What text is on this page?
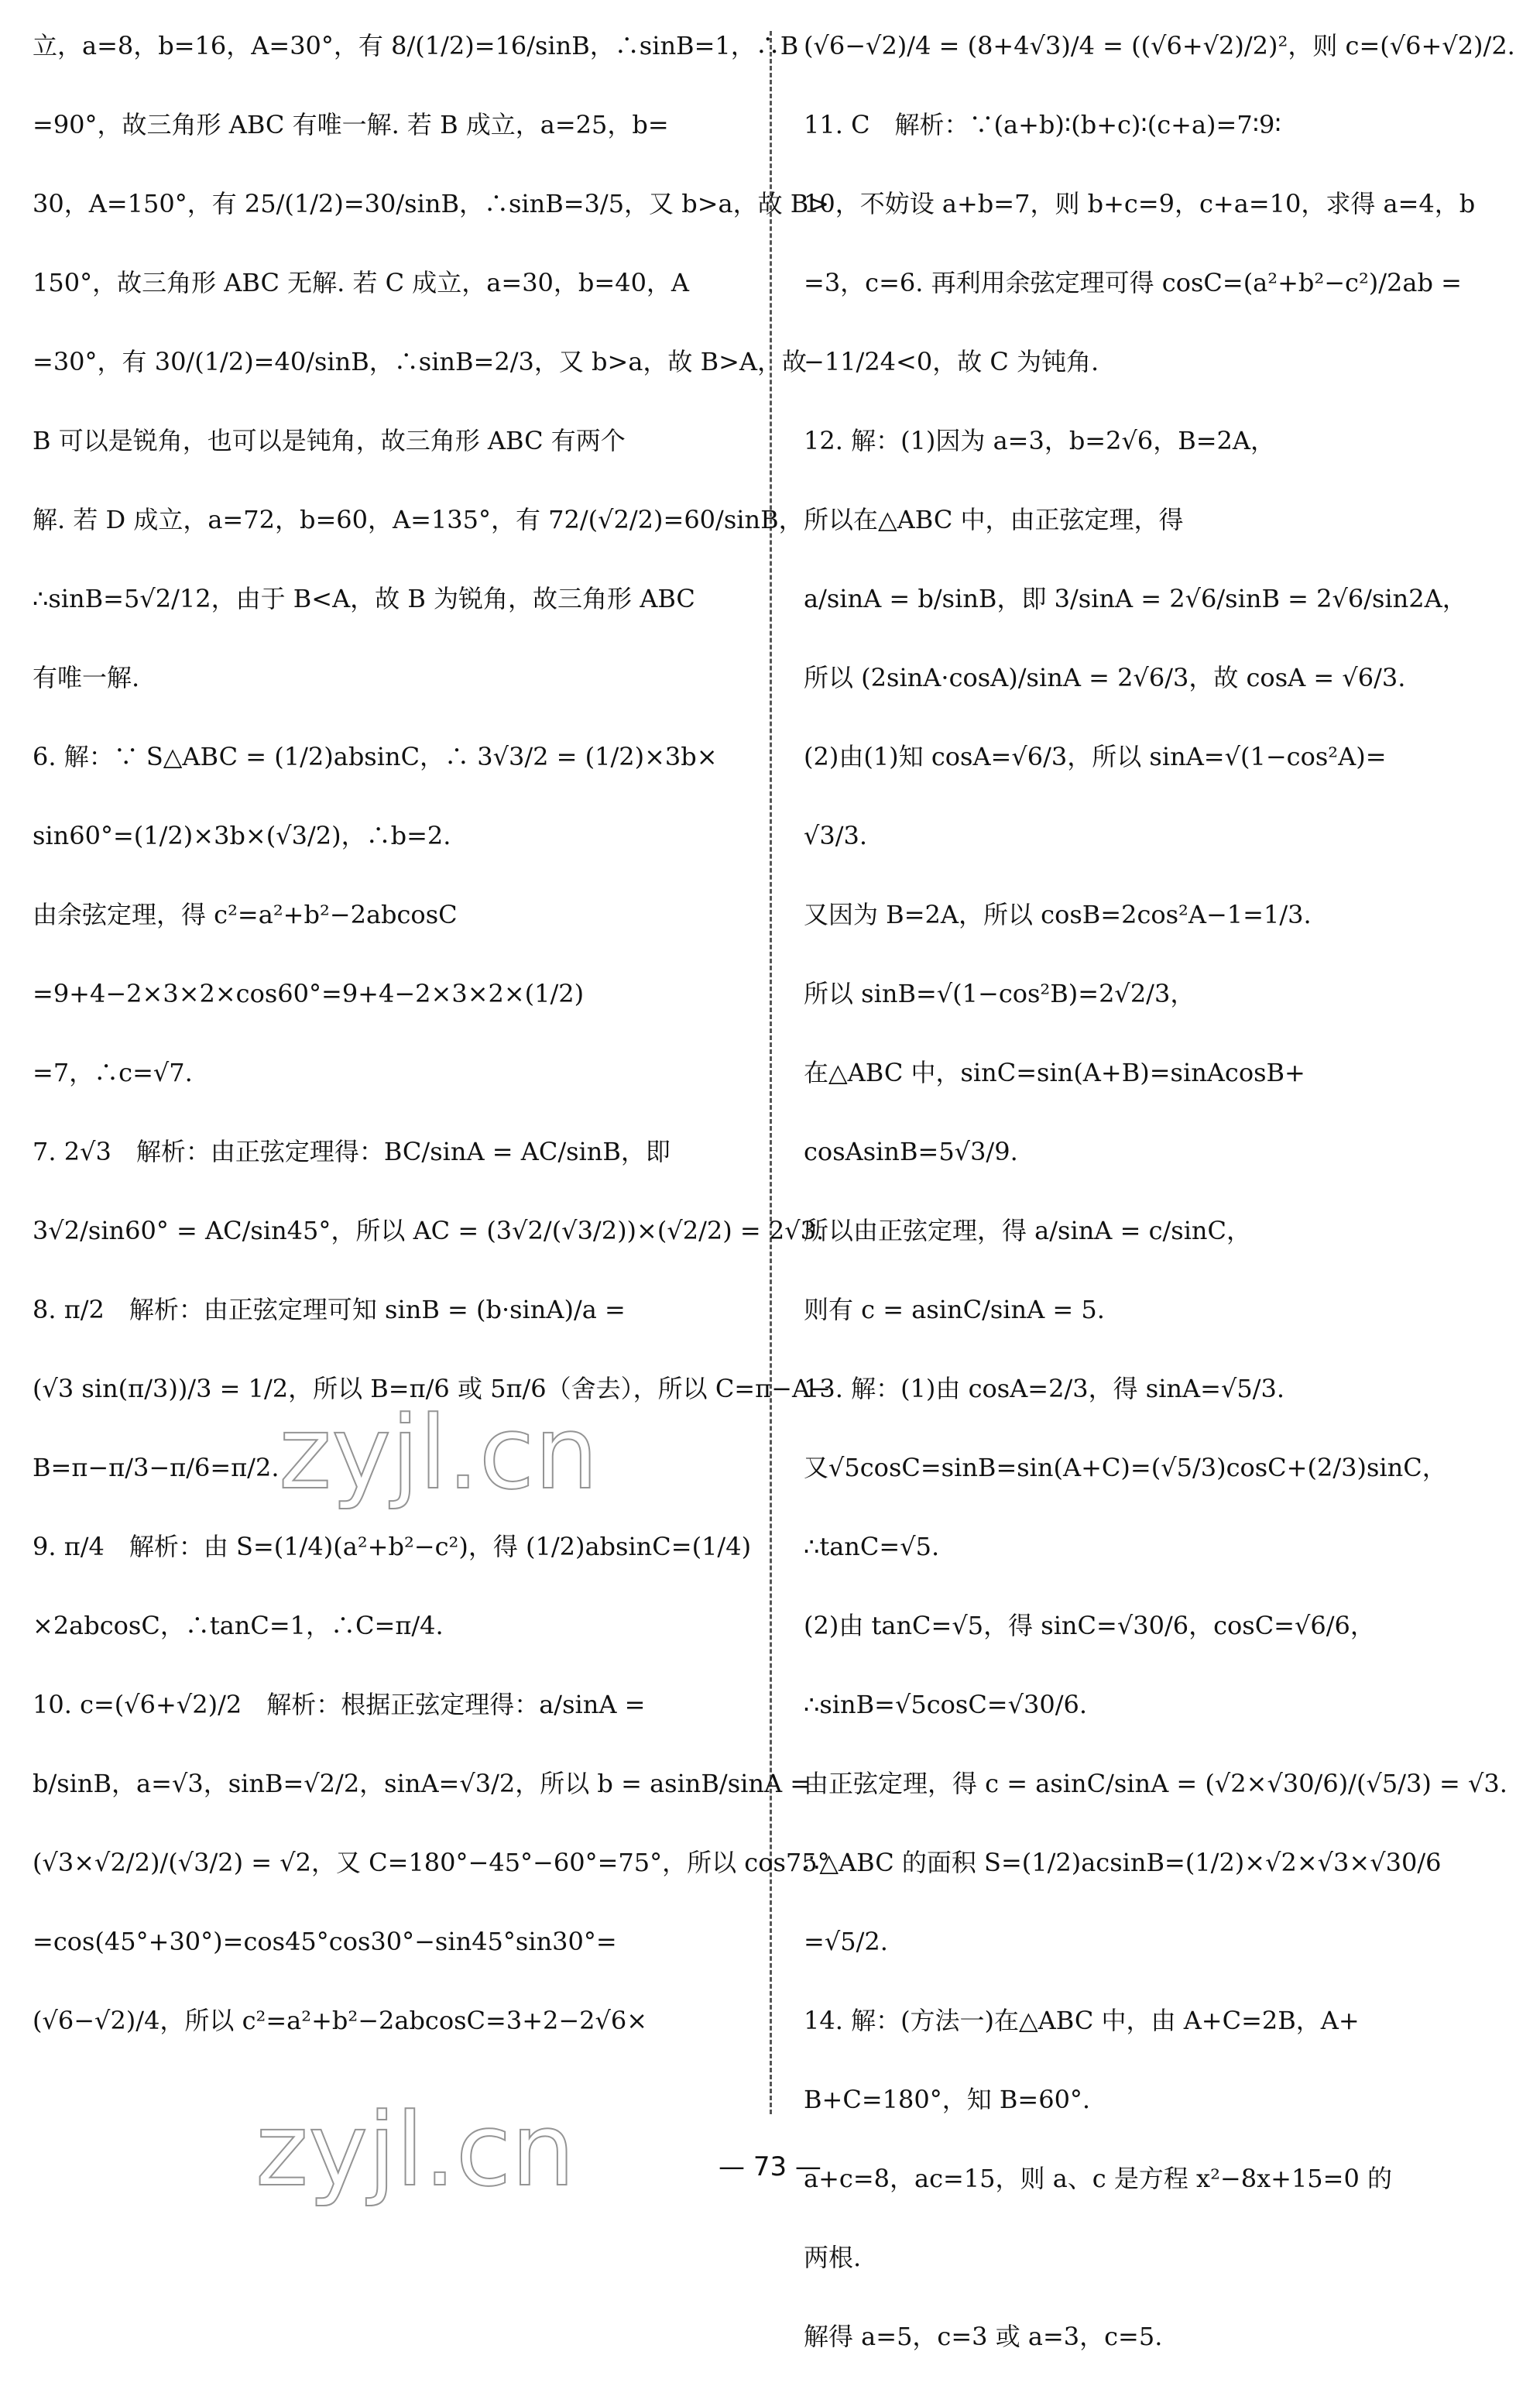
立，a=8，b=16，A=30°，有 8/(1/2)=16/sinB，∴sinB=1，∴B
=90°，故三角形 ABC 有唯一解. 若 B 成立，a=25，b=
30，A=150°，有 25/(1/2)=30/sinB，∴sinB=3/5，又 b>a，故 B>
150°，故三角形 ABC 无解. 若 C 成立，a=30，b=40，A
=30°，有 30/(1/2)=40/sinB，∴sinB=2/3，又 b>a，故 B>A，故
B 可以是锐角，也可以是钝角，故三角形 ABC 有两个
解. 若 D 成立，a=72，b=60，A=135°，有 72/(√2/2)=60/sinB，
∴sinB=5√2/12，由于 B<A，故 B 为锐角，故三角形 ABC
有唯一解.
6. 解：∵ S△ABC = (1/2)absinC，∴ 3√3/2 = (1/2)×3b×
sin60°=(1/2)×3b×(√3/2)，∴b=2.
由余弦定理，得 c²=a²+b²−2abcosC
=9+4−2×3×2×cos60°=9+4−2×3×2×(1/2)
=7，∴c=√7.
7. 2√3　解析：由正弦定理得：BC/sinA = AC/sinB，即
3√2/sin60° = AC/sin45°，所以 AC = (3√2/(√3/2))×(√2/2) = 2√3.
8. π/2　解析：由正弦定理可知 sinB = (b·sinA)/a =
(√3 sin(π/3))/3 = 1/2，所以 B=π/6 或 5π/6（舍去），所以 C=π−A−
B=π−π/3−π/6=π/2.
9. π/4　解析：由 S=(1/4)(a²+b²−c²)，得 (1/2)absinC=(1/4)
×2abcosC，∴tanC=1，∴C=π/4.
10. c=(√6+√2)/2　解析：根据正弦定理得：a/sinA =
b/sinB，a=√3，sinB=√2/2，sinA=√3/2，所以 b = asinB/sinA =
(√3×√2/2)/(√3/2) = √2，又 C=180°−45°−60°=75°，所以 cos75°
=cos(45°+30°)=cos45°cos30°−sin45°sin30°=
(√6−√2)/4，所以 c²=a²+b²−2abcosC=3+2−2√6×
(√6−√2)/4 = (8+4√3)/4 = ((√6+√2)/2)²，则 c=(√6+√2)/2.
11. C　解析：∵(a+b)∶(b+c)∶(c+a)=7∶9∶
10，不妨设 a+b=7，则 b+c=9，c+a=10，求得 a=4，b
=3，c=6. 再利用余弦定理可得 cosC=(a²+b²−c²)/2ab =
−11/24<0，故 C 为钝角.
12. 解：(1)因为 a=3，b=2√6，B=2A，
所以在△ABC 中，由正弦定理，得
a/sinA = b/sinB，即 3/sinA = 2√6/sinB = 2√6/sin2A，
所以 (2sinA·cosA)/sinA = 2√6/3，故 cosA = √6/3.
(2)由(1)知 cosA=√6/3，所以 sinA=√(1−cos²A)=
√3/3.
又因为 B=2A，所以 cosB=2cos²A−1=1/3.
所以 sinB=√(1−cos²B)=2√2/3，
在△ABC 中，sinC=sin(A+B)=sinAcosB+
cosAsinB=5√3/9.
所以由正弦定理，得 a/sinA = c/sinC，
则有 c = asinC/sinA = 5.
13. 解：(1)由 cosA=2/3，得 sinA=√5/3.
又√5cosC=sinB=sin(A+C)=(√5/3)cosC+(2/3)sinC，
∴tanC=√5.
(2)由 tanC=√5，得 sinC=√30/6，cosC=√6/6，
∴sinB=√5cosC=√30/6.
由正弦定理，得 c = asinC/sinA = (√2×√30/6)/(√5/3) = √3.
∴△ABC 的面积 S=(1/2)acsinB=(1/2)×√2×√3×√30/6
=√5/2.
14. 解：(方法一)在△ABC 中，由 A+C=2B，A+
B+C=180°，知 B=60°.
a+c=8，ac=15，则 a、c 是方程 x²−8x+15=0 的
两根.
解得 a=5，c=3 或 a=3，c=5.
zyjl.cn
zyjl.cn	— 73 —
